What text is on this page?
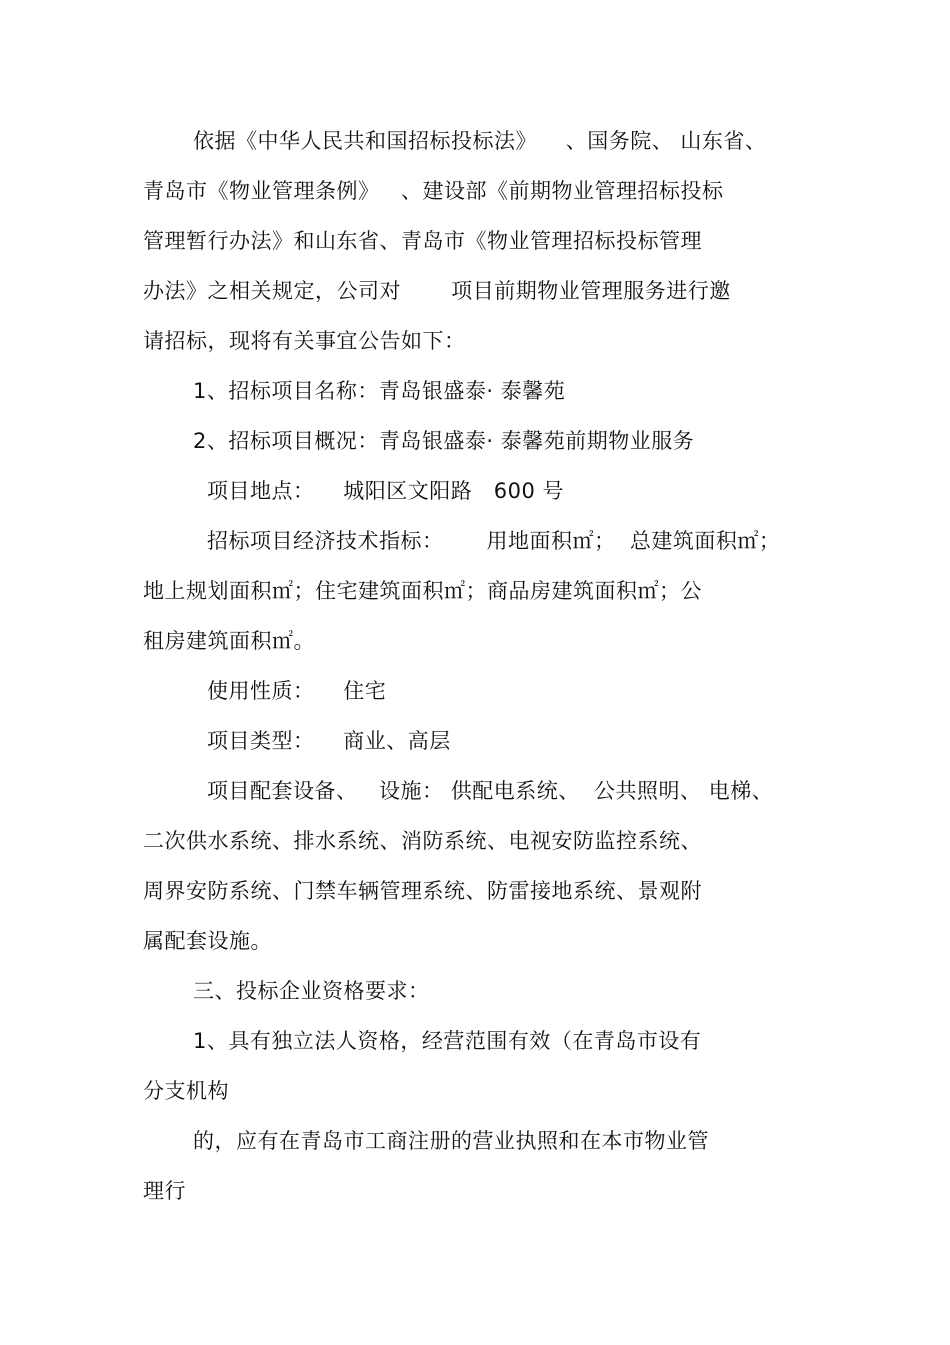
依据《中华人民共和国招标投标法》    、国务院、 山东省、
青岛市《物业管理条例》   、建设部《前期物业管理招标投标
管理暂行办法》和山东省、青岛市《物业管理招标投标管理
办法》之相关规定，公司对       项目前期物业管理服务进行邀
请招标，现将有关事宜公告如下：
1、招标项目名称：青岛银盛泰· 泰馨苑
2、招标项目概况：青岛银盛泰· 泰馨苑前期物业服务
项目地点：    城阳区文阳路   600 号
招标项目经济技术指标：      用地面积㎡；  总建筑面积㎡；
地上规划面积㎡；住宅建筑面积㎡；商品房建筑面积㎡；公
租房建筑面积㎡。
使用性质：    住宅
项目类型：    商业、高层
项目配套设备、   设施： 供配电系统、  公共照明、 电梯、
二次供水系统、排水系统、消防系统、电视安防监控系统、
周界安防系统、门禁车辆管理系统、防雷接地系统、景观附
属配套设施。
三、投标企业资格要求：
1、具有独立法人资格，经营范围有效（在青岛市设有
分支机构
的，应有在青岛市工商注册的营业执照和在本市物业管
理行
